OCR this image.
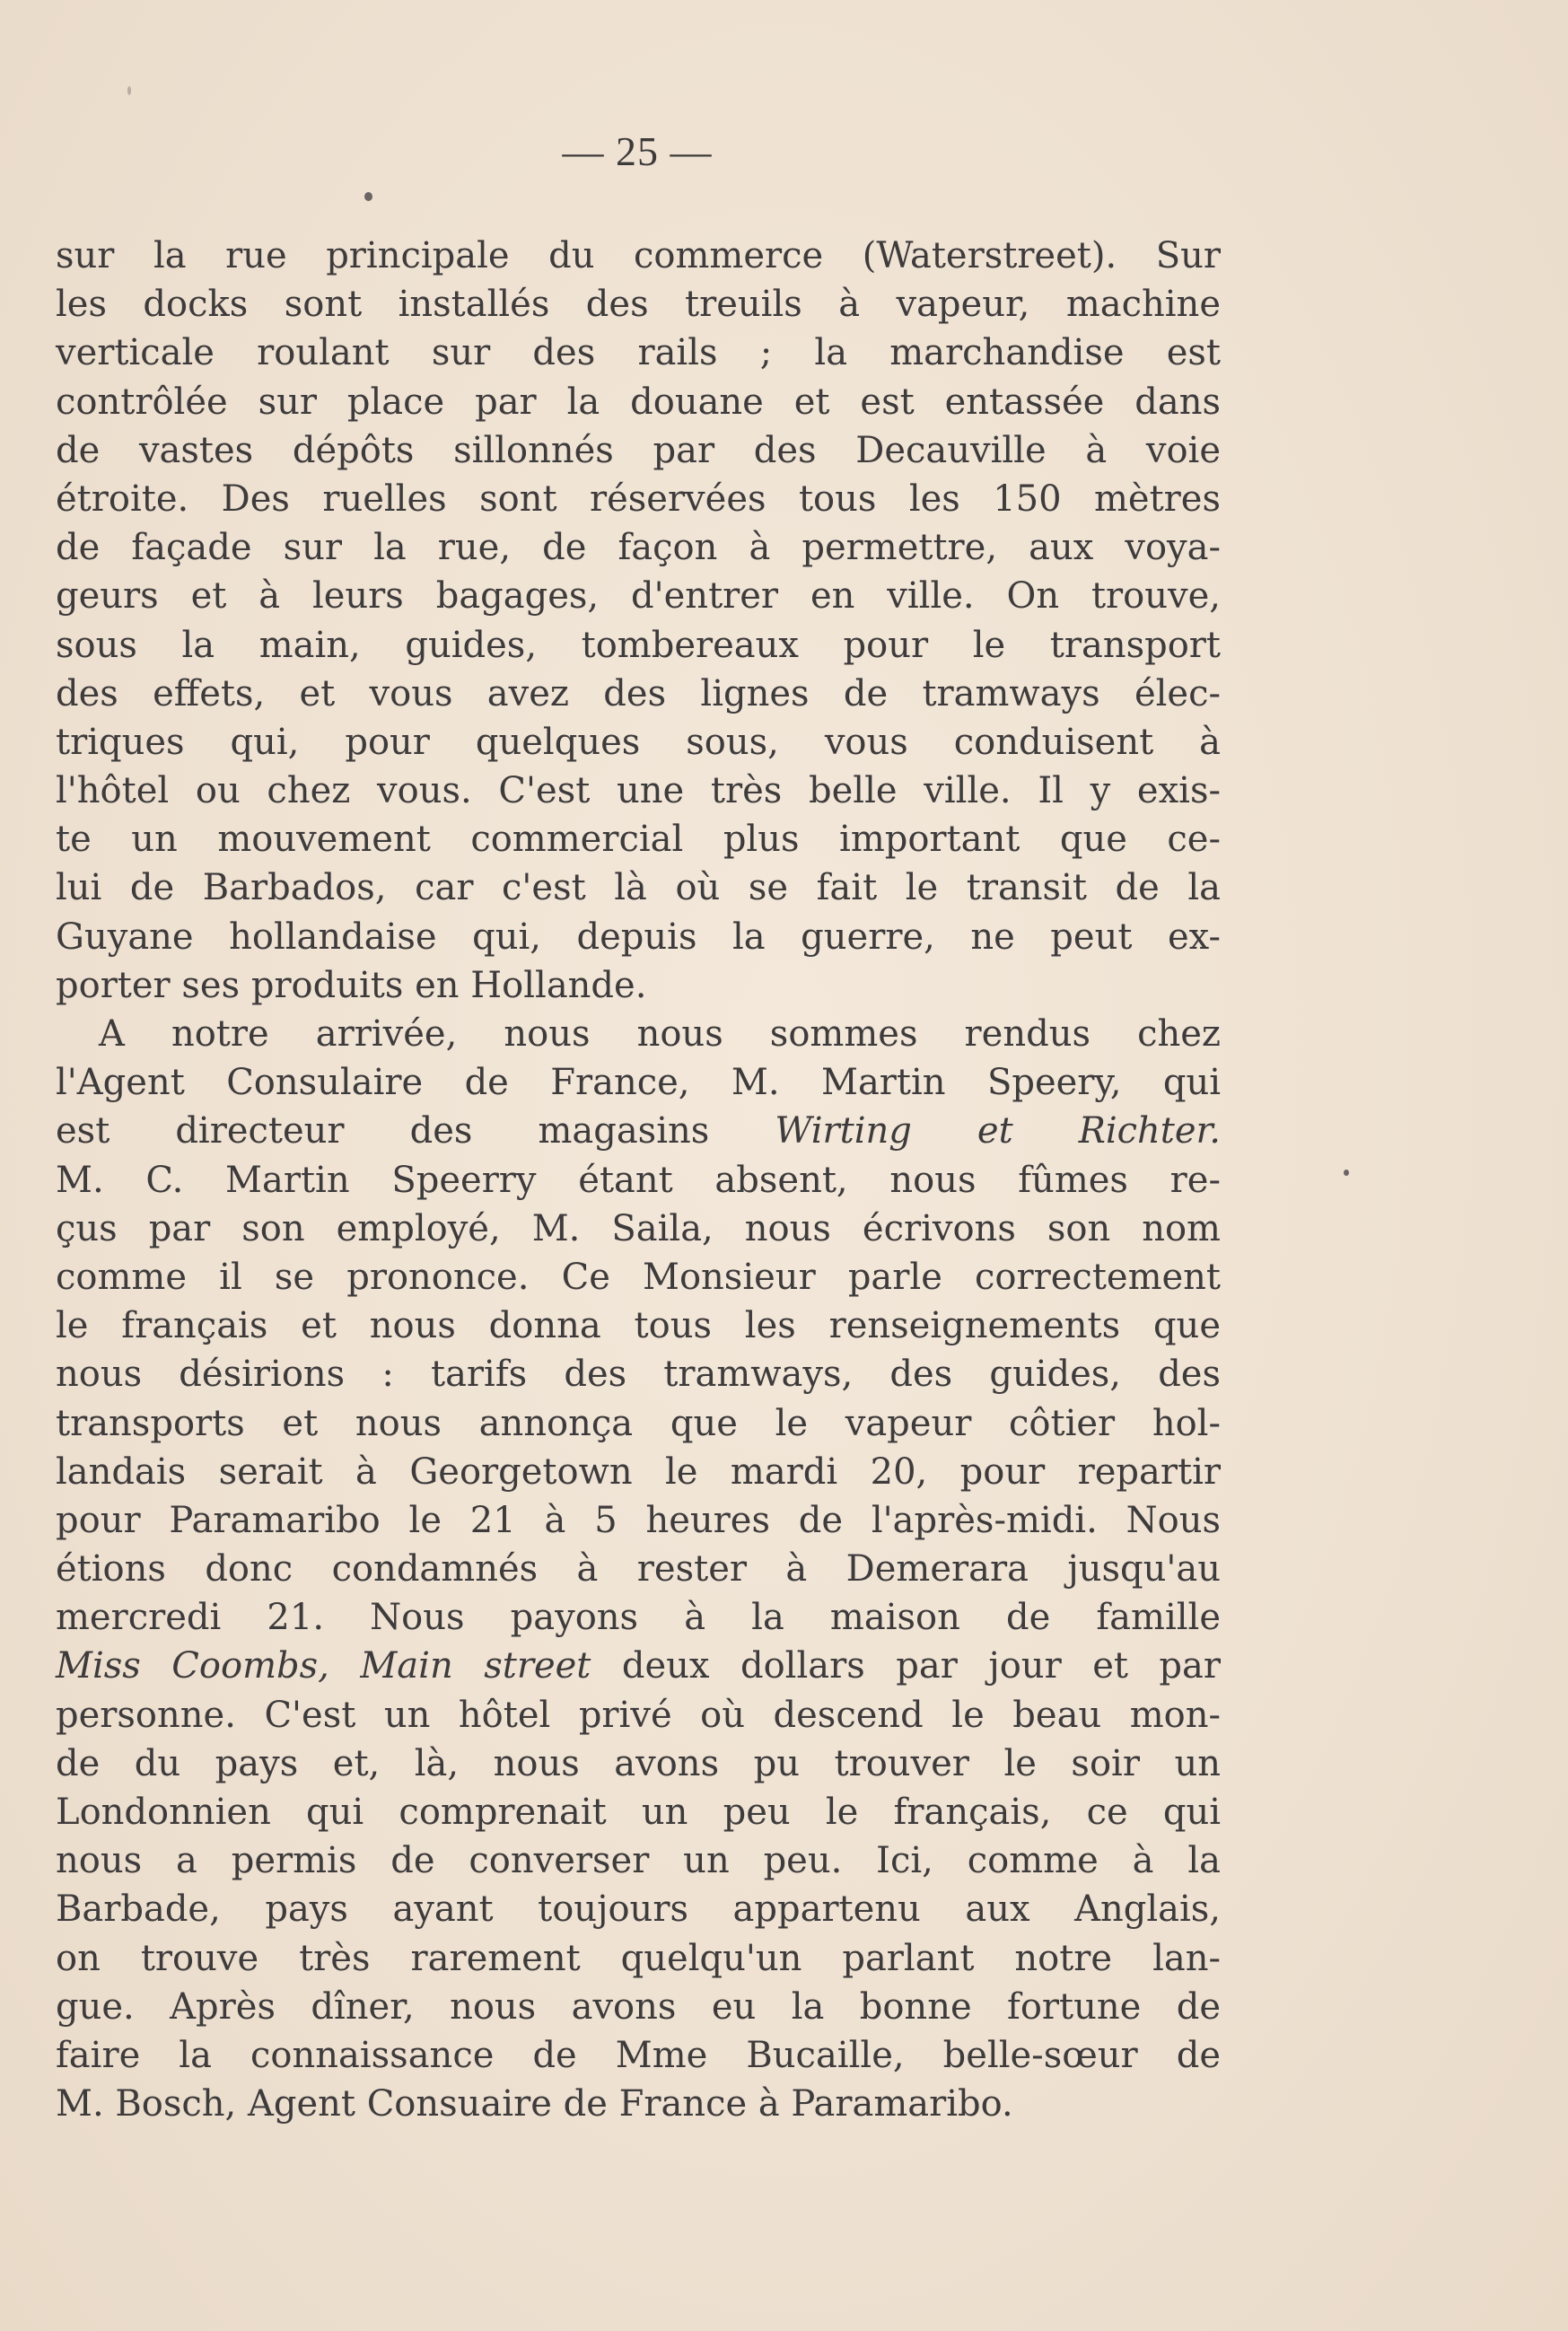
— 25 —
sur la rue principale du commerce (Waterstreet). Sur
les docks sont installés des treuils à vapeur, machine
verticale roulant sur des rails ; la marchandise est
contrôlée sur place par la douane et est entassée dans
de vastes dépôts sillonnés par des Decauville à voie
étroite. Des ruelles sont réservées tous les 150 mètres
de façade sur la rue, de façon à permettre, aux voya-
geurs et à leurs bagages, d'entrer en ville. On trouve,
sous la main, guides, tombereaux pour le transport
des effets, et vous avez des lignes de tramways élec-
triques qui, pour quelques sous, vous conduisent à
l'hôtel ou chez vous. C'est une très belle ville. Il y exis-
te un mouvement commercial plus important que ce-
lui de Barbados, car c'est là où se fait le transit de la
Guyane hollandaise qui, depuis la guerre, ne peut ex-
porter ses produits en Hollande.
A notre arrivée, nous nous sommes rendus chez
l'Agent Consulaire de France, M. Martin Speery, qui
est directeur des magasins Wirting et Richter.
M. C. Martin Speerry étant absent, nous fûmes re-
çus par son employé, M. Saila, nous écrivons son nom
comme il se prononce. Ce Monsieur parle correctement
le français et nous donna tous les renseignements que
nous désirions : tarifs des tramways, des guides, des
transports et nous annonça que le vapeur côtier hol-
landais serait à Georgetown le mardi 20, pour repartir
pour Paramaribo le 21 à 5 heures de l'après-midi. Nous
étions donc condamnés à rester à Demerara jusqu'au
mercredi 21. Nous payons à la maison de famille
Miss Coombs, Main street deux dollars par jour et par
personne. C'est un hôtel privé où descend le beau mon-
de du pays et, là, nous avons pu trouver le soir un
Londonnien qui comprenait un peu le français, ce qui
nous a permis de converser un peu. Ici, comme à la
Barbade, pays ayant toujours appartenu aux Anglais,
on trouve très rarement quelqu'un parlant notre lan-
gue. Après dîner, nous avons eu la bonne fortune de
faire la connaissance de Mme Bucaille, belle-sœur de
M. Bosch, Agent Consuaire de France à Paramaribo.
